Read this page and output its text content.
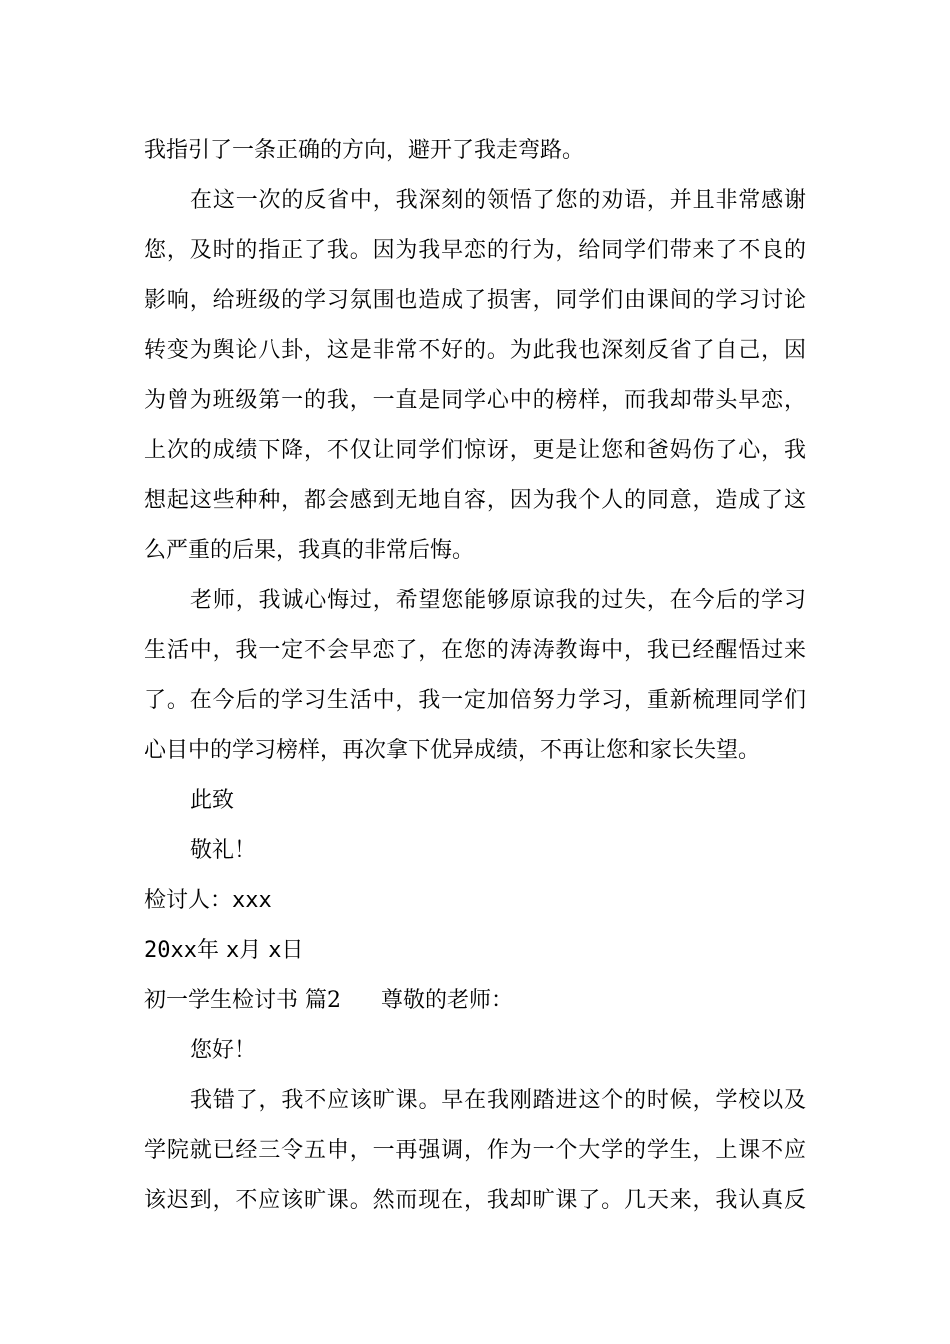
我指引了一条正确的方向，避开了我走弯路。
在这一次的反省中，我深刻的领悟了您的劝语，并且非常感谢
您，及时的指正了我。因为我早恋的行为，给同学们带来了不良的
影响，给班级的学习氛围也造成了损害，同学们由课间的学习讨论
转变为舆论八卦，这是非常不好的。为此我也深刻反省了自己，因
为曾为班级第一的我，一直是同学心中的榜样，而我却带头早恋，
上次的成绩下降，不仅让同学们惊讶，更是让您和爸妈伤了心，我
想起这些种种，都会感到无地自容，因为我个人的同意，造成了这
么严重的后果，我真的非常后悔。
老师，我诚心悔过，希望您能够原谅我的过失，在今后的学习
生活中，我一定不会早恋了，在您的涛涛教诲中，我已经醒悟过来
了。在今后的学习生活中，我一定加倍努力学习，重新梳理同学们
心目中的学习榜样，再次拿下优异成绩，不再让您和家长失望。
此致
敬礼！
检讨人：xxx
20xx年 x月 x日
初一学生检讨书 篇2 尊敬的老师：
您好！
我错了，我不应该旷课。早在我刚踏进这个的时候，学校以及
学院就已经三令五申，一再强调，作为一个大学的学生，上课不应
该迟到，不应该旷课。然而现在，我却旷课了。几天来，我认真反
